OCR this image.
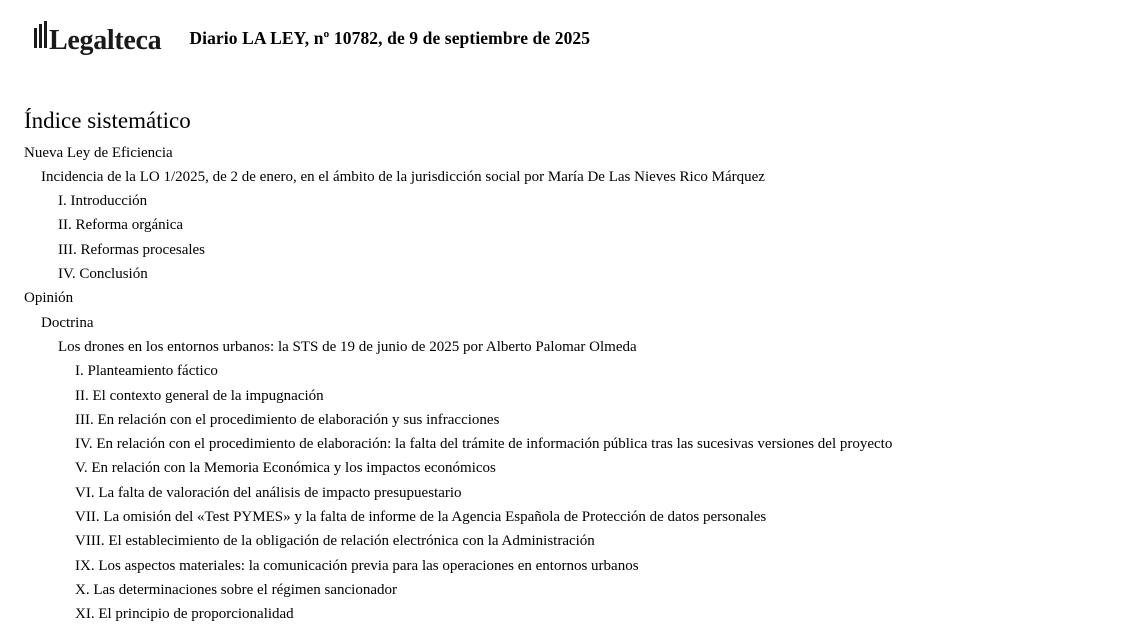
Legalteca Diario LA LEY, nº 10782, de 9 de septiembre de 2025
Índice sistemático
Nueva Ley de Eficiencia
Incidencia de la LO 1/2025, de 2 de enero, en el ámbito de la jurisdicción social por María De Las Nieves Rico Márquez
I. Introducción
II. Reforma orgánica
III. Reformas procesales
IV. Conclusión
Opinión
Doctrina
Los drones en los entornos urbanos: la STS de 19 de junio de 2025 por Alberto Palomar Olmeda
I. Planteamiento fáctico
II. El contexto general de la impugnación
III. En relación con el procedimiento de elaboración y sus infracciones
IV. En relación con el procedimiento de elaboración: la falta del trámite de información pública tras las sucesivas versiones del proyecto
V. En relación con la Memoria Económica y los impactos económicos
VI. La falta de valoración del análisis de impacto presupuestario
VII. La omisión del «Test PYMES» y la falta de informe de la Agencia Española de Protección de datos personales
VIII. El establecimiento de la obligación de relación electrónica con la Administración
IX. Los aspectos materiales: la comunicación previa para las operaciones en entornos urbanos
X. Las determinaciones sobre el régimen sancionador
XI. El principio de proporcionalidad
